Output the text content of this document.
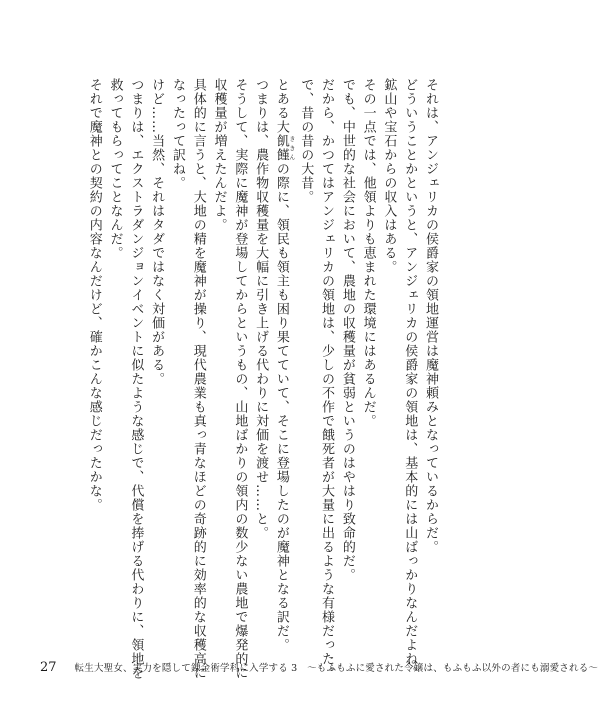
それは、アンジェリカの侯爵家の領地運営は魔神頼みとなっているからだ。

どういうことかというと、アンジェリカの侯爵家の領地は、基本的には山ばっかりなんだよね。

鉱山や宝石からの収入はある。

その一点では、他領よりも恵まれた環境にはあるんだ。

でも、中世的な社会において、農地の収穫量が貧弱というのはやはり致命的だ。

だから、かつてはアンジェリカの領地は、少しの不作で餓死者が大量に出るような有様だった。

で、昔の昔の大昔。

とある大飢饉 ききんの際に、領民も領主も困り果てていて、そこに登場したのが魔神となる訳だ。

つまりは、農作物収穫量を大幅に引き上げる代わりに対価を渡せ……と。

そうして、実際に魔神が登場してからというもの、山地ばかりの領内の数少ない農地で爆発的に

収穫量が増えたんだよ。

具体的に言うと、大地の精を魔神が操り、現代農業も真っ青なほどの奇跡的に効率的な収穫高に

なったって訳ね。

けど……当然、それはタダではなく対価がある。

つまりは、エクストラダンジョンイベントに似たような感じで、代償を捧げる代わりに、領地を

救ってもらってことなんだ。

それで魔神との契約の内容なんだけど、確かこんな感じだったかな。

27 転生大聖女、実力を隠して錬金術学科に入学する 3　～もふもふに愛された令嬢は、もふもふ以外の者にも溺愛される～
